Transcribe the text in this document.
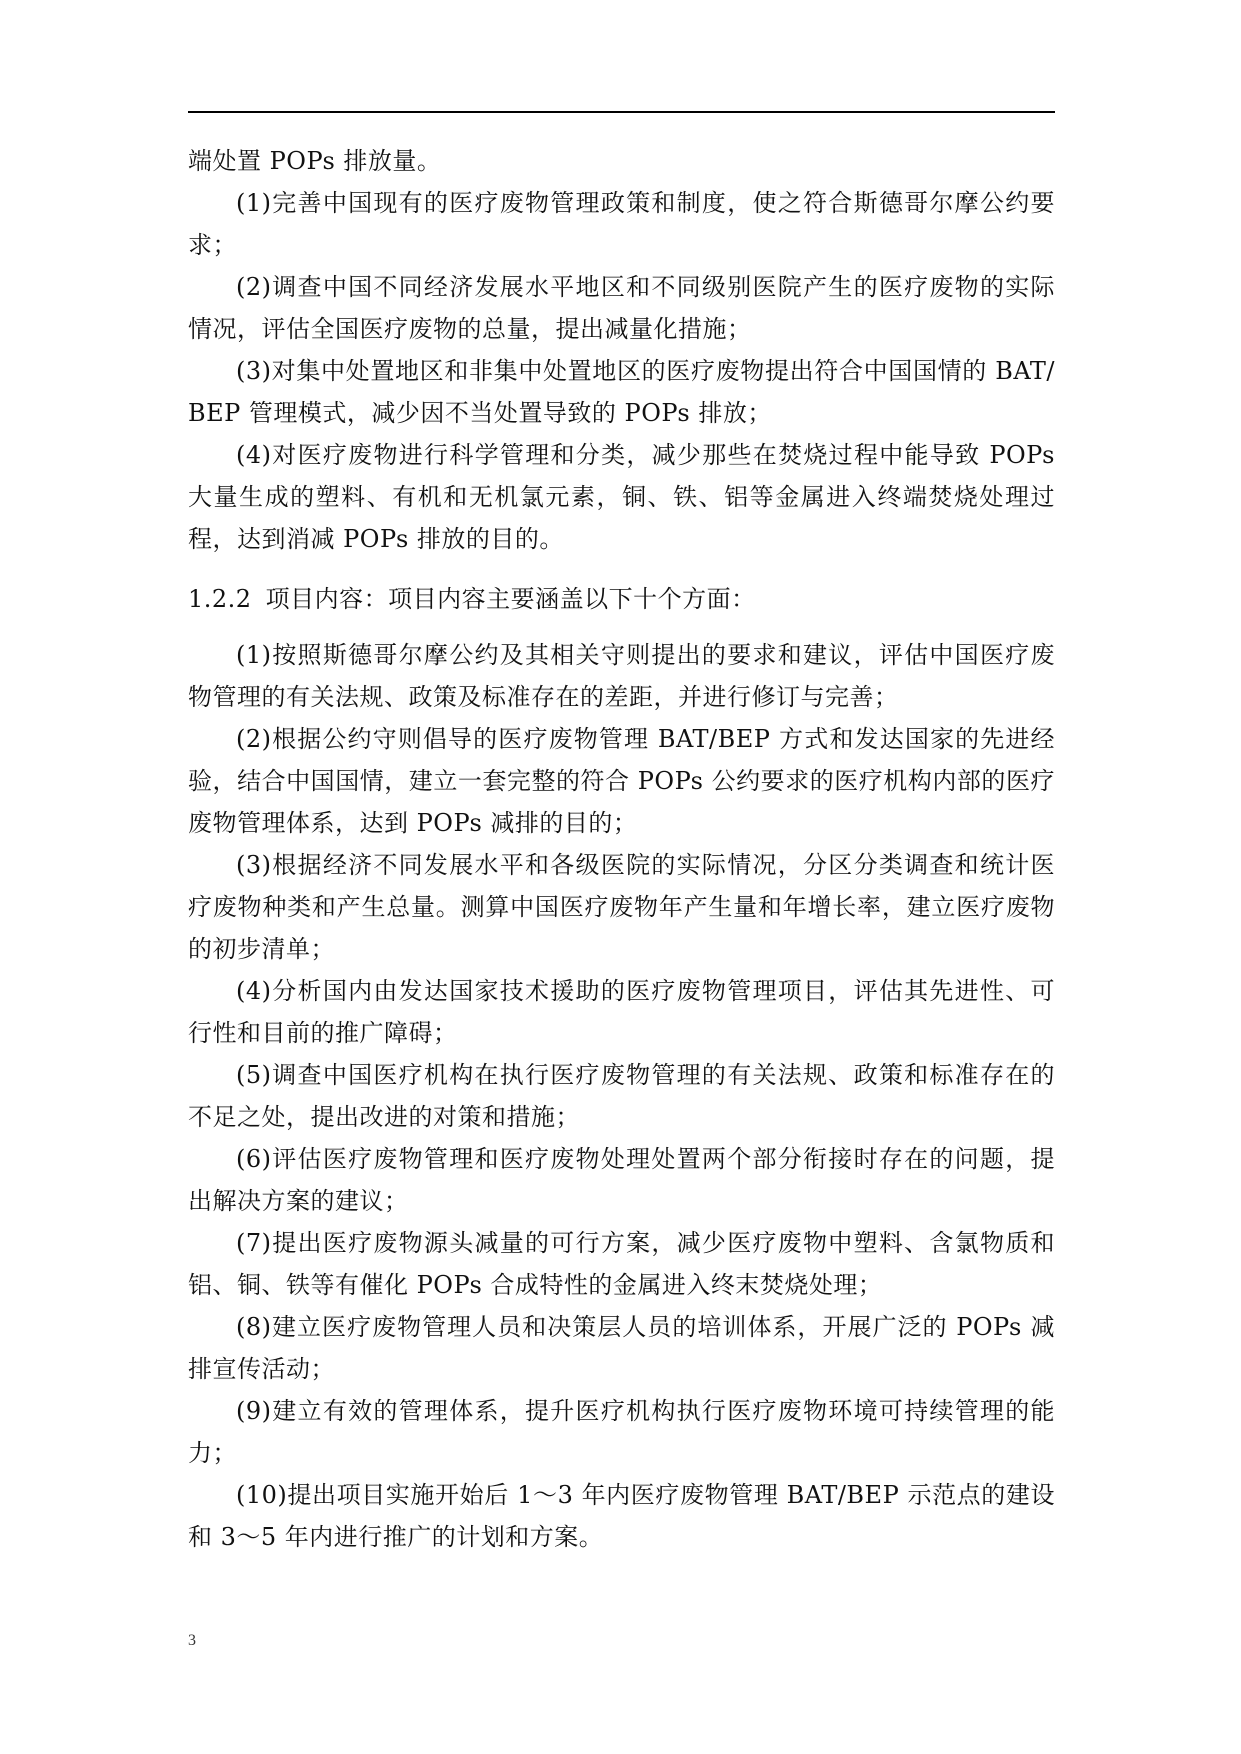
端处置 POPs 排放量。

(1)完善中国现有的医疗废物管理政策和制度，使之符合斯德哥尔摩公约要求；

(2)调查中国不同经济发展水平地区和不同级别医院产生的医疗废物的实际情况，评估全国医疗废物的总量，提出减量化措施；

(3)对集中处置地区和非集中处置地区的医疗废物提出符合中国国情的 BAT/BEP 管理模式，减少因不当处置导致的 POPs 排放；

(4)对医疗废物进行科学管理和分类，减少那些在焚烧过程中能导致 POPs 大量生成的塑料、有机和无机氯元素，铜、铁、铝等金属进入终端焚烧处理过程，达到消减 POPs 排放的目的。

1.2.2 项目内容：项目内容主要涵盖以下十个方面：

(1)按照斯德哥尔摩公约及其相关守则提出的要求和建议，评估中国医疗废物管理的有关法规、政策及标准存在的差距，并进行修订与完善；

(2)根据公约守则倡导的医疗废物管理 BAT/BEP 方式和发达国家的先进经验，结合中国国情，建立一套完整的符合 POPs 公约要求的医疗机构内部的医疗废物管理体系，达到 POPs 减排的目的；

(3)根据经济不同发展水平和各级医院的实际情况，分区分类调查和统计医疗废物种类和产生总量。测算中国医疗废物年产生量和年增长率，建立医疗废物的初步清单；

(4)分析国内由发达国家技术援助的医疗废物管理项目，评估其先进性、可行性和目前的推广障碍；

(5)调查中国医疗机构在执行医疗废物管理的有关法规、政策和标准存在的不足之处，提出改进的对策和措施；

(6)评估医疗废物管理和医疗废物处理处置两个部分衔接时存在的问题，提出解决方案的建议；

(7)提出医疗废物源头减量的可行方案，减少医疗废物中塑料、含氯物质和铝、铜、铁等有催化 POPs 合成特性的金属进入终末焚烧处理；

(8)建立医疗废物管理人员和决策层人员的培训体系，开展广泛的 POPs 减排宣传活动；

(9)建立有效的管理体系，提升医疗机构执行医疗废物环境可持续管理的能力；

(10)提出项目实施开始后 1～3 年内医疗废物管理 BAT/BEP 示范点的建设和 3～5 年内进行推广的计划和方案。

3
